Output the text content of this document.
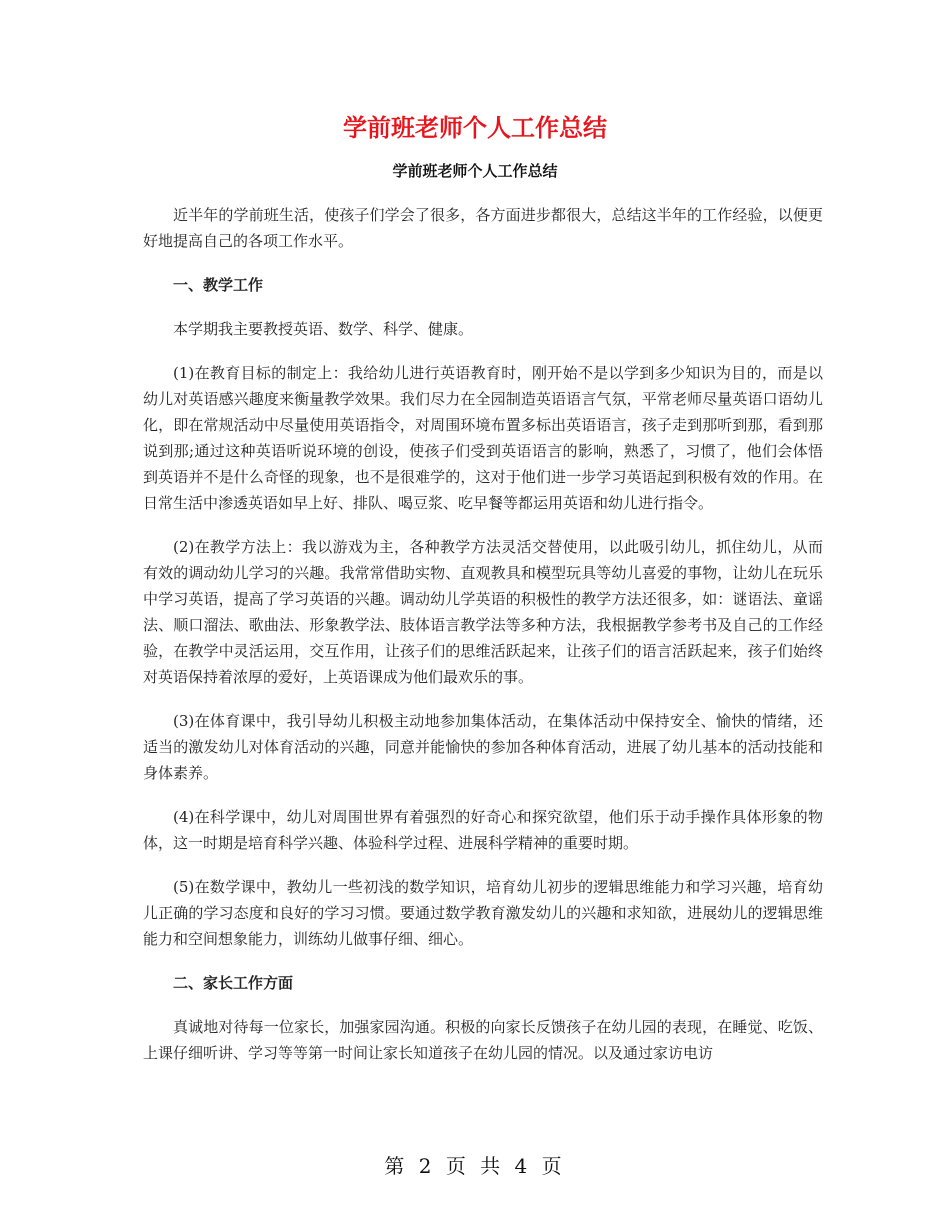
学前班老师个人工作总结
学前班老师个人工作总结

近半年的学前班生活，使孩子们学会了很多，各方面进步都很大，总结这半年的工作经验，以便更好地提高自己的各项工作水平。

一、教学工作

本学期我主要教授英语、数学、科学、健康。

(1)在教育目标的制定上：我给幼儿进行英语教育时，刚开始不是以学到多少知识为目的，而是以幼儿对英语感兴趣度来衡量教学效果。我们尽力在全园制造英语语言气氛，平常老师尽量英语口语幼儿化，即在常规活动中尽量使用英语指令，对周围环境布置多标出英语语言，孩子走到那听到那，看到那说到那;通过这种英语听说环境的创设，使孩子们受到英语语言的影响，熟悉了，习惯了，他们会体悟到英语并不是什么奇怪的现象，也不是很难学的，这对于他们进一步学习英语起到积极有效的作用。在日常生活中渗透英语如早上好、排队、喝豆浆、吃早餐等都运用英语和幼儿进行指令。

(2)在教学方法上：我以游戏为主，各种教学方法灵活交替使用，以此吸引幼儿，抓住幼儿，从而有效的调动幼儿学习的兴趣。我常常借助实物、直观教具和模型玩具等幼儿喜爱的事物，让幼儿在玩乐中学习英语，提高了学习英语的兴趣。调动幼儿学英语的积极性的教学方法还很多，如：谜语法、童谣法、顺口溜法、歌曲法、形象教学法、肢体语言教学法等多种方法，我根据教学参考书及自己的工作经验，在教学中灵活运用，交互作用，让孩子们的思维活跃起来，让孩子们的语言活跃起来，孩子们始终对英语保持着浓厚的爱好，上英语课成为他们最欢乐的事。

(3)在体育课中，我引导幼儿积极主动地参加集体活动，在集体活动中保持安全、愉快的情绪，还适当的激发幼儿对体育活动的兴趣，同意并能愉快的参加各种体育活动，进展了幼儿基本的活动技能和身体素养。

(4)在科学课中，幼儿对周围世界有着强烈的好奇心和探究欲望，他们乐于动手操作具体形象的物体，这一时期是培育科学兴趣、体验科学过程、进展科学精神的重要时期。

(5)在数学课中，教幼儿一些初浅的数学知识，培育幼儿初步的逻辑思维能力和学习兴趣，培育幼儿正确的学习态度和良好的学习习惯。要通过数学教育激发幼儿的兴趣和求知欲，进展幼儿的逻辑思维能力和空间想象能力，训练幼儿做事仔细、细心。

二、家长工作方面

真诚地对待每一位家长，加强家园沟通。积极的向家长反馈孩子在幼儿园的表现，在睡觉、吃饭、上课仔细听讲、学习等等第一时间让家长知道孩子在幼儿园的情况。以及通过家访电访

第 2 页 共 4 页
